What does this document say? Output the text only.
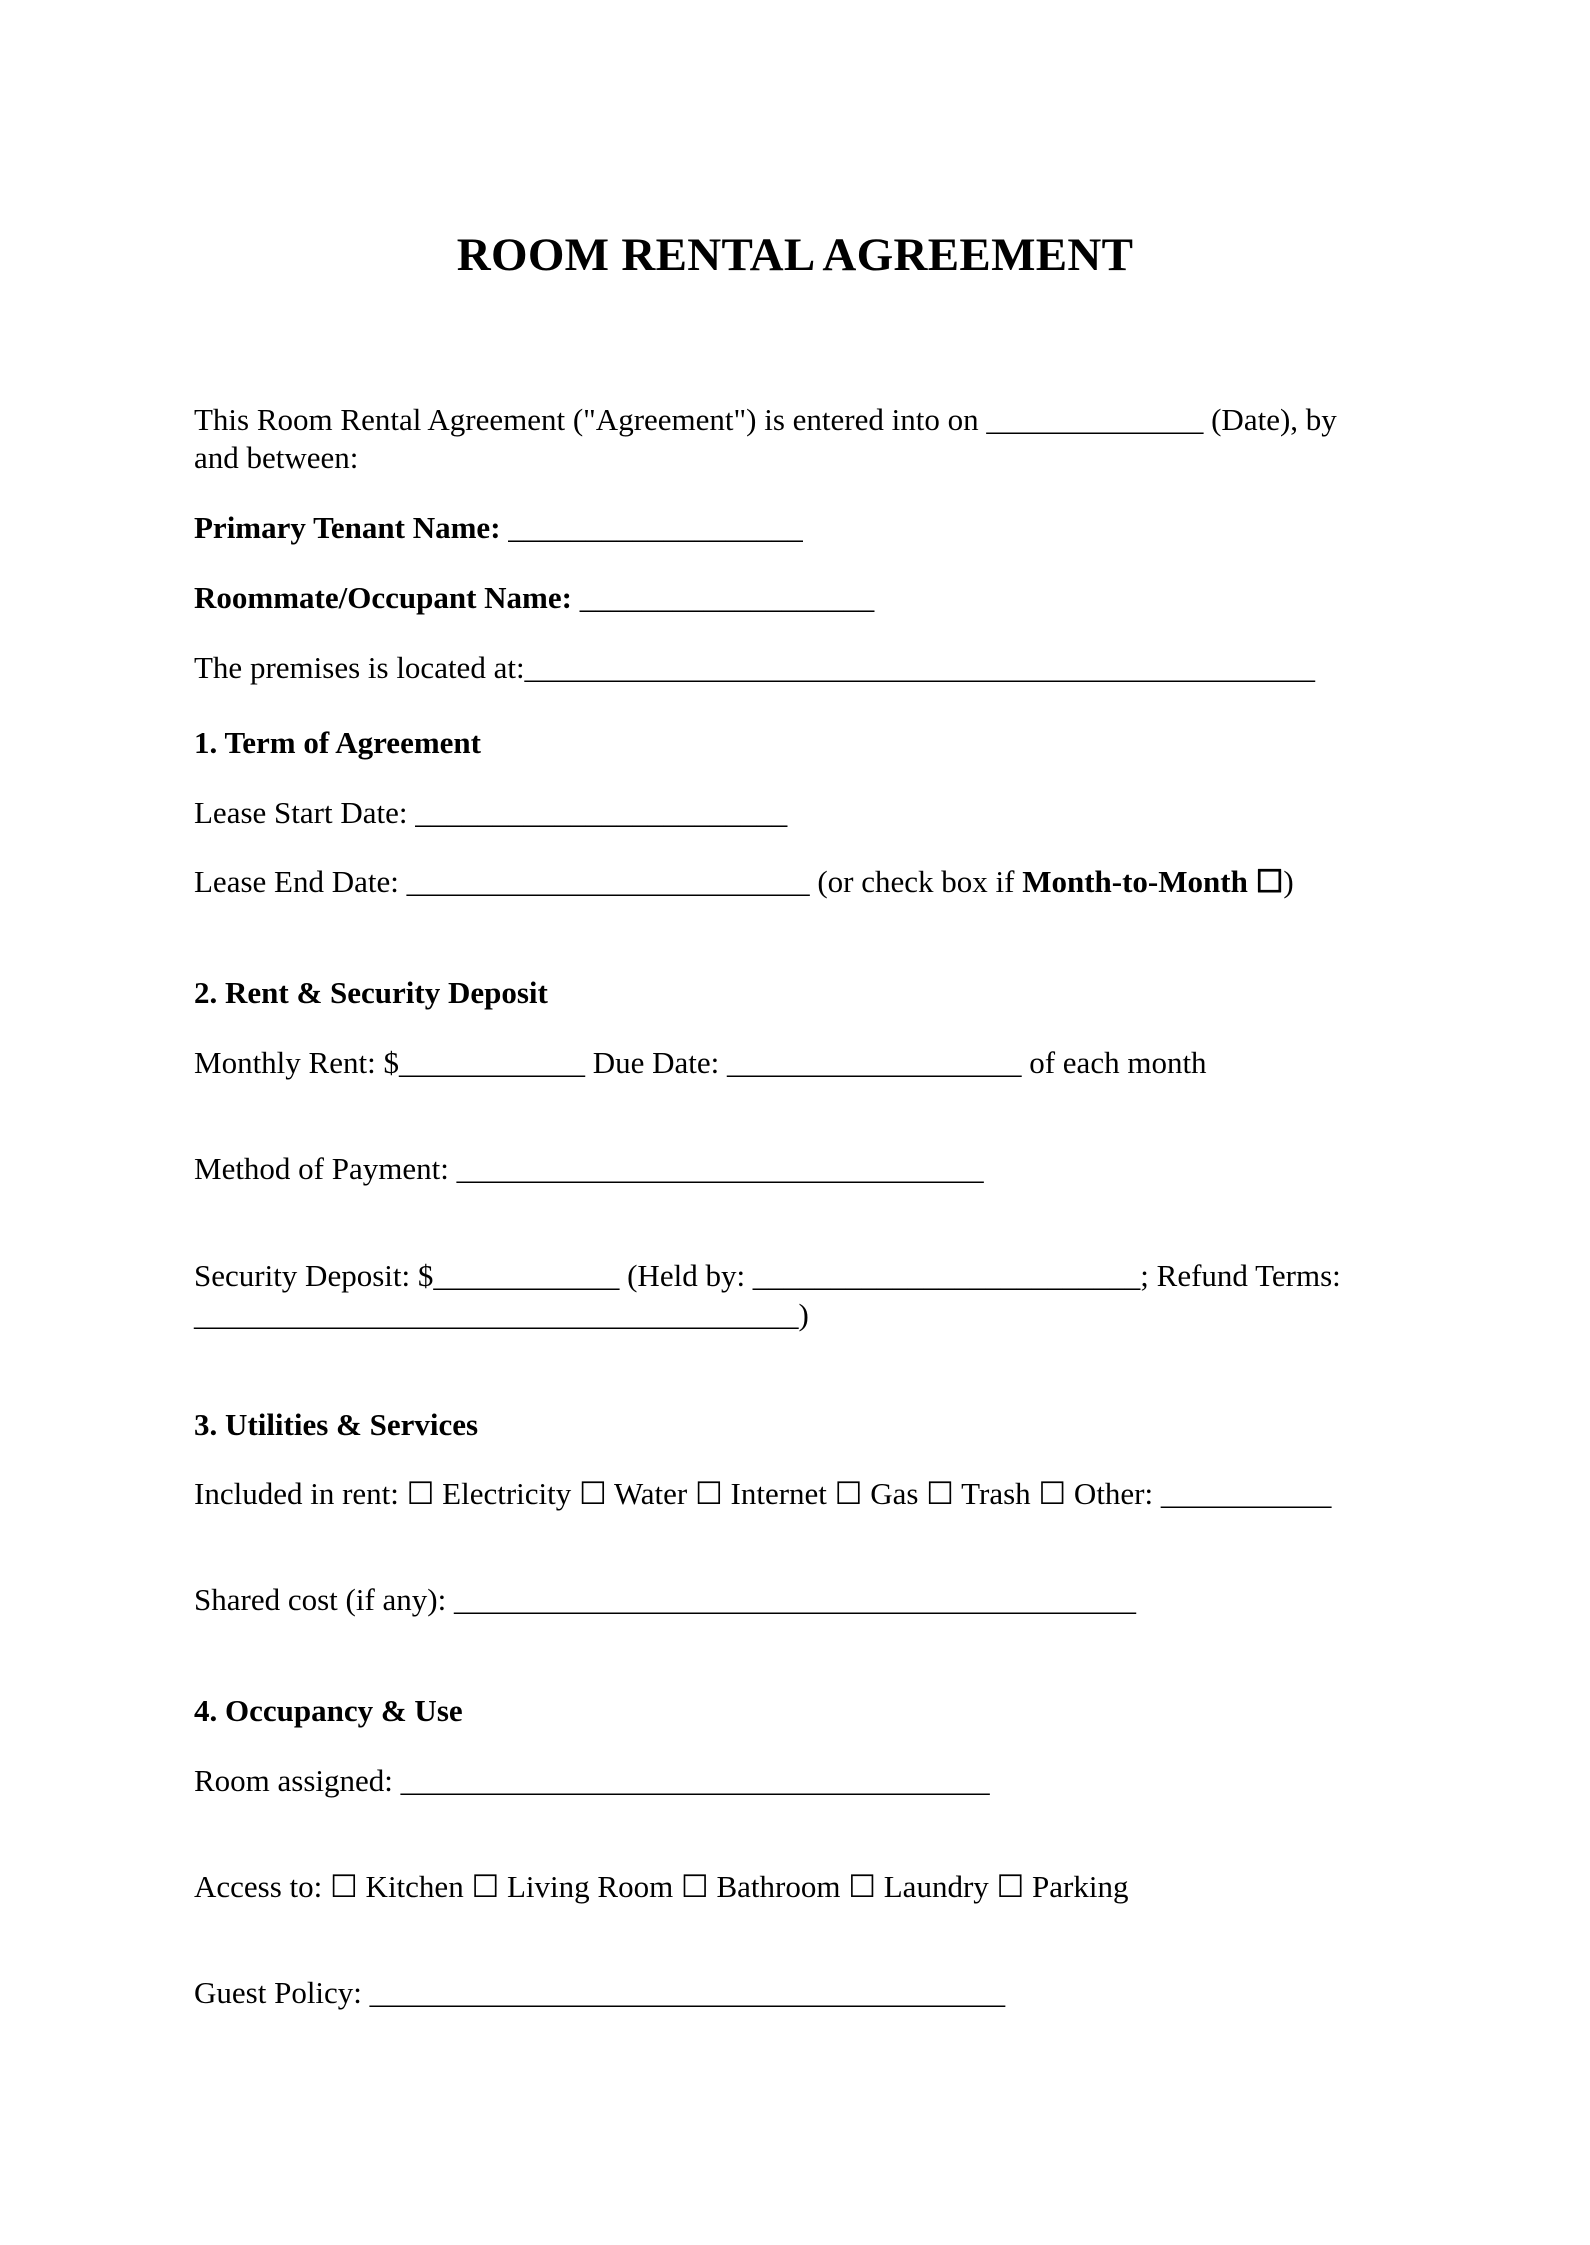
ROOM RENTAL AGREEMENT
This Room Rental Agreement ("Agreement") is entered into on ______________ (Date), by
and between:
Primary Tenant Name: ___________________
Roommate/Occupant Name: ___________________
The premises is located at:___________________________________________________
1. Term of Agreement
Lease Start Date: ________________________
Lease End Date: __________________________ (or check box if Month-to-Month ☐)
2. Rent & Security Deposit
Monthly Rent: $____________ Due Date: ___________________ of each month
Method of Payment: __________________________________
Security Deposit: $____________ (Held by: _________________________; Refund Terms:
_______________________________________)
3. Utilities & Services
Included in rent: ☐ Electricity ☐ Water ☐ Internet ☐ Gas ☐ Trash ☐ Other: ___________
Shared cost (if any): ____________________________________________
4. Occupancy & Use
Room assigned: ______________________________________
Access to: ☐ Kitchen ☐ Living Room ☐ Bathroom ☐ Laundry ☐ Parking
Guest Policy: _________________________________________
